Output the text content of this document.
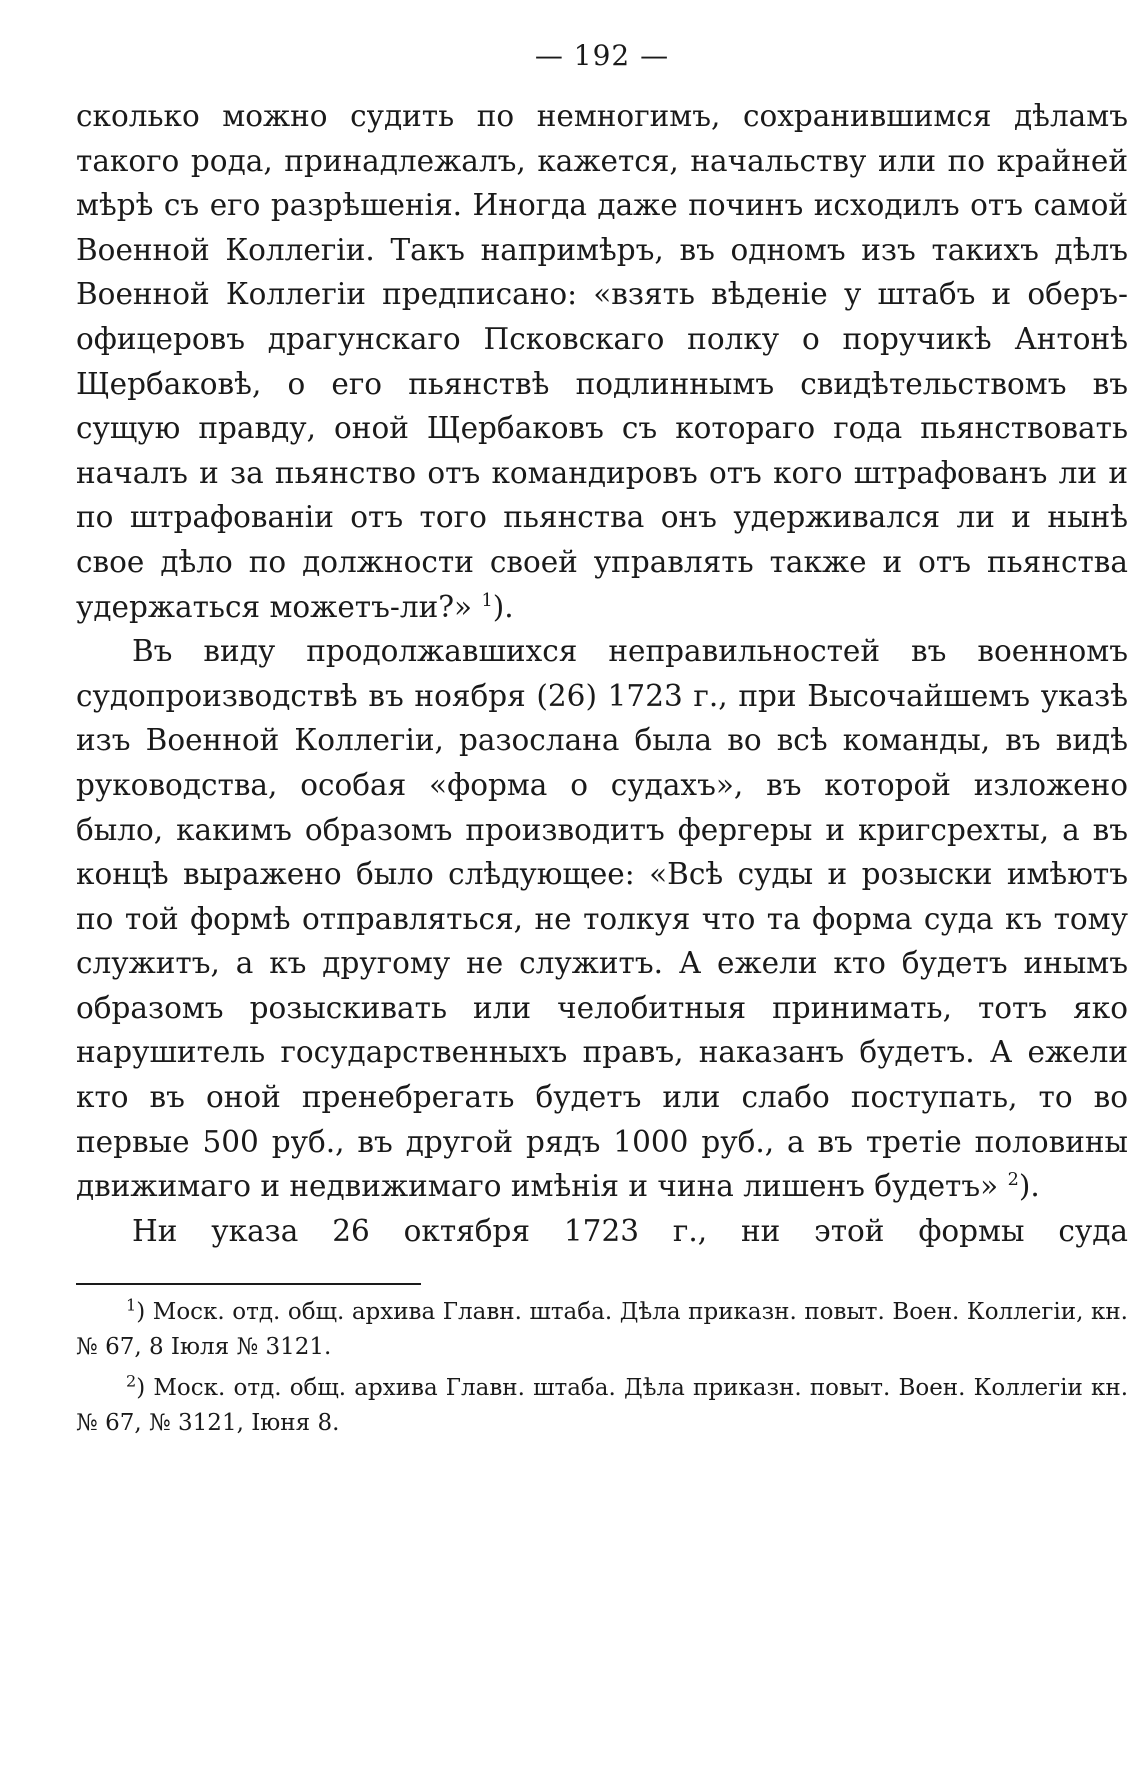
— 192 —

сколько можно судить по немногимъ, сохранившимся дѣламъ такого рода, принадлежалъ, кажется, начальству или по крайней мѣрѣ съ его разрѣшенія. Иногда даже починъ исходилъ отъ самой Военной Коллегіи. Такъ напримѣръ, въ одномъ изъ такихъ дѣлъ Военной Коллегіи предписано: «взять вѣденіе у штабъ и оберъ-офицеровъ драгунскаго Псковскаго полку о поручикѣ Антонѣ Щербаковѣ, о его пьянствѣ подлиннымъ свидѣтельствомъ въ сущую правду, оной Щербаковъ съ котораго года пьянствовать началъ и за пьянство отъ командировъ отъ кого штрафованъ ли и по штрафованіи отъ того пьянства онъ удерживался ли и нынѣ свое дѣло по должности своей управлять также и отъ пьянства удержаться можетъ-ли?» $^1$).

Въ виду продолжавшихся неправильностей въ военномъ судопроизводствѣ въ ноября (26) 1723 г., при Высочайшемъ указѣ изъ Военной Коллегіи, разослана была во всѣ команды, въ видѣ руководства, особая «форма о судахъ», въ которой изложено было, какимъ образомъ производитъ фергеры и кригсрехты, а въ концѣ выражено было слѣдующее: «Всѣ суды и розыски имѣютъ по той формѣ отправляться, не толкуя что та форма суда къ тому служитъ, а къ другому не служитъ. А ежели кто будетъ инымъ образомъ розыскивать или челобитныя принимать, тотъ яко нарушитель государственныхъ правъ, наказанъ будетъ. А ежели кто въ оной пренебрегать будетъ или слабо поступать, то во первые 500 руб., въ другой рядъ 1000 руб., а въ третіе половины движимаго и недвижимаго имѣнія и чина лишенъ будетъ» $^2$).

Ни указа 26 октября 1723 г., ни этой формы суда

$^1$) Моск. отд. общ. архива Главн. штаба. Дѣла приказн. повыт. Воен. Коллегіи, кн. № 67, 8 Іюля № 3121.

$^2$) Моск. отд. общ. архива Главн. штаба. Дѣла приказн. повыт. Воен. Коллегіи кн. № 67, № 3121, Іюня 8.
